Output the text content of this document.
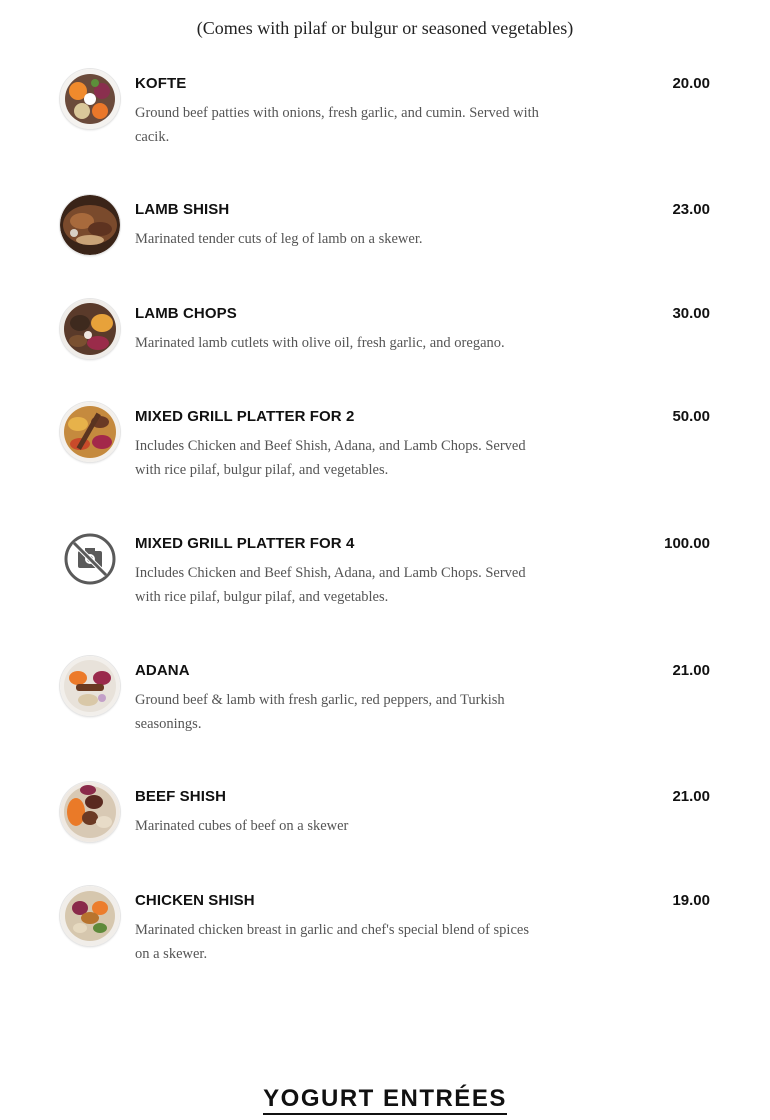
(Comes with pilaf or bulgur or seasoned vegetables)
KOFTE	20.00
Ground beef patties with onions, fresh garlic, and cumin. Served with cacik.
LAMB SHISH	23.00
Marinated tender cuts of leg of lamb on a skewer.
LAMB CHOPS	30.00
Marinated lamb cutlets with olive oil, fresh garlic, and oregano.
MIXED GRILL PLATTER FOR 2	50.00
Includes Chicken and Beef Shish, Adana, and Lamb Chops. Served with rice pilaf, bulgur pilaf, and vegetables.
MIXED GRILL PLATTER FOR 4	100.00
Includes Chicken and Beef Shish, Adana, and Lamb Chops. Served with rice pilaf, bulgur pilaf, and vegetables.
ADANA	21.00
Ground beef & lamb with fresh garlic, red peppers, and Turkish seasonings.
BEEF SHISH	21.00
Marinated cubes of beef on a skewer
CHICKEN SHISH	19.00
Marinated chicken breast in garlic and chef's special blend of spices on a skewer.
YOGURT ENTRÉES
